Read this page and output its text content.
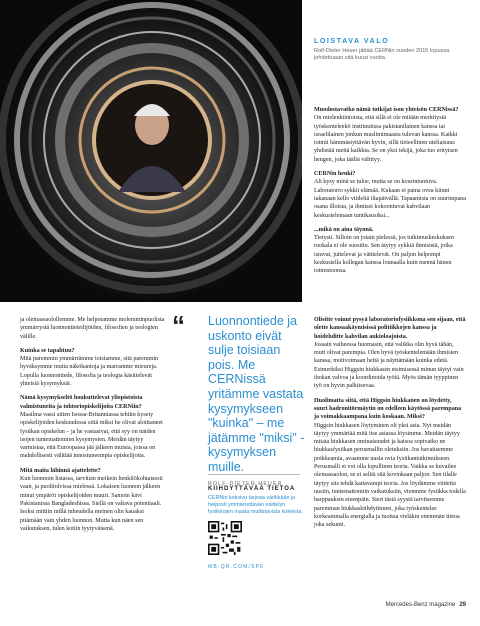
LOISTAVA VALO
Rolf-Dieter Heuer jättää CERNin vuoden 2015 lopussa johdettuaan sitä kuusi vuotta.

Muodostavatko nämä tutkijat ison yhteisön CERNissä?
On mielenkiintoista, että sillä ei ole mitään merkitystä työskenteleekö instituutissa pakistanilainen kanssa tai israelilainen jonkun muslimimaasta tulevan kanssa. Kaikki toimii hämmästyttävän hyvin, sillä tieteellinen uteliaisuus yhdistää meitä kaikkia. Se on yksi tekijä, joka tuo erityisen hengen, joka täältä välittyy.

CERNin henki?
Ali kysy minä se tuloe, mutta se on kourintuntuva. Laboratorio sykkii elämää. Kukaan ei paina ovea kiinni takanaan kello viideltä iltapäivällä. Tapaamisia on suurimpana osana illoista, ja ihmiset kokoontuvat kahvilaan keskustelemaan tuntikausiksi...

...mikä on aina täynnä.
Tietysti. Silloin on jotain pielessä, jos tutkimuskeskuksen ruokala ei ole suosittu. Sen täytyy sykkiä ihmisistä, jotka istuvat, juttelevat ja väittelevät. On paljon helpompi keskustella kollegan kanssa lounaalla kuin mennä hänen toimistoonsa.

ja olemassaolollemme. Me helpotamme molemminpuolista ymmärrystä luonnontieteilijöiden, filosofien ja teologien välille.

Kuinka se tapahtuu?
Mitä paremmin ymmärrämme toisiamme, sitä paremmin hyväksymme muita näkökantoja ja marrantme mieureja. Lopulla luonnontiede, filosofia ja teologia käsittelevät yhteisiä kysymyksiä.

Nämä kysymykseltö houkuttelevat yliopistoista valmistuneita ja tohtoriopiskelijoita CERNiin?
Maailma vassi sitten Isossa-Britanniassa tehtiin kyseiy opiskelijoiden keskuudessa siitä miksi he olivat aloittaneet fysiikan opiskelun – ja he vastasivat, että syy on näiden isojen tuntemattomien kysymysten. Meidän täytyy varmistaa, että Euroopassa jää jälkeen muista, joissa on mahdollisesti välittää innostuneempia opiskelijoita.

Mitä maita lähinnä ajattelette?
Kun luonnoin listassa, tarvitsin meikein henkilökohtaisesti vaan, ja puolitolvissa mielessä. Lokaisen luonnon jälkeen minut ympäröi opiskelijoiden muuri. Samoin kävi Pakistanissa Bangladeshissa. Siellä on valtava potentiaali. Isoksi mittiin millä mheudella meinen olin kauaksi pitämään vain yhden luonnon. Mutta kun näen sen vaikutuksen, tulen kotiin tyytyväisenä.

“ Luonnontiede ja uskonto eivät sulje toisiaan pois. Me CERNissä yritämme vastata kysymykseen "kuinka" – me jätämme "miksi" -kysymyksen muille.
ROLF-DIETER HEUER
KIIHDYTTÄVÄÄ TIETOA
CERNin kotisivu tarjoaa värikkään ja helposti ymmärrettävän esittelyn fysiikkojen maata mullistavista kokeista.
MB-QR.COM/SP6

Olisitte voinut pysyä laboratoriofysiikkona sen sijaan, että olette kansaakäymisissä politiikkojen kanssa ja hoidehditte kahvilan aukioloajoista.
Jossain vaiheessa huomasin, että valikka olin hyvä tähän, mutt olivat parempia. Olen hyvä työskentelemään ihmisten kanssa, motivoimaan heitä ja näyttämään kuinka edetä. Esimerkiksi Higgsin hiukkasen etsimisessä minun täytyi vain ihokan valvoa ja koordinoida työtä. Myös tämän tyyppinen työ on hyvin palkitsevaa.

Huolimatta siitä, että Higgsin hiukkanen on löydetty, suuri hadronitörmäytin on edelleen käytössä parempana ja voimakkaampana kuin koskaan. Miksi?
Higgsin hiukkasen löytyminen oli yksi asia. Nyt meidän täytyy ymmärtää mitä itse asiassa löysimme. Meidän täytyy mitata hiukkasen ominaisuudet ja katsoa sopivatko ne hiukkasfysiikan perusmallin oletuksiin. Jos havaitsemme poikkeamia, avaamme uusia ovia fysiikantutkimukseen. Perusmalli ei voi olla lopullinen teoria. Vaikka se kuvailee olemassaolon, se ei selitä sitä kovinkaan paljon. Sen tilalle täytyy siis tehdä kattavampi teoria. Jos löydämme viitteitä uusiin, tuntemattomiin vaikutuksiin, vienmme fysiikka todella harppauksin eteenpäin. Siert tästä syystä tarvitsemme paremman hiukkaskiihdyttimen, joka työskentelee korkeammalla energialla ja tuottaa vieläkin enemmän tietoa joka sekunti.

Mercedes-Benz magazine 29
